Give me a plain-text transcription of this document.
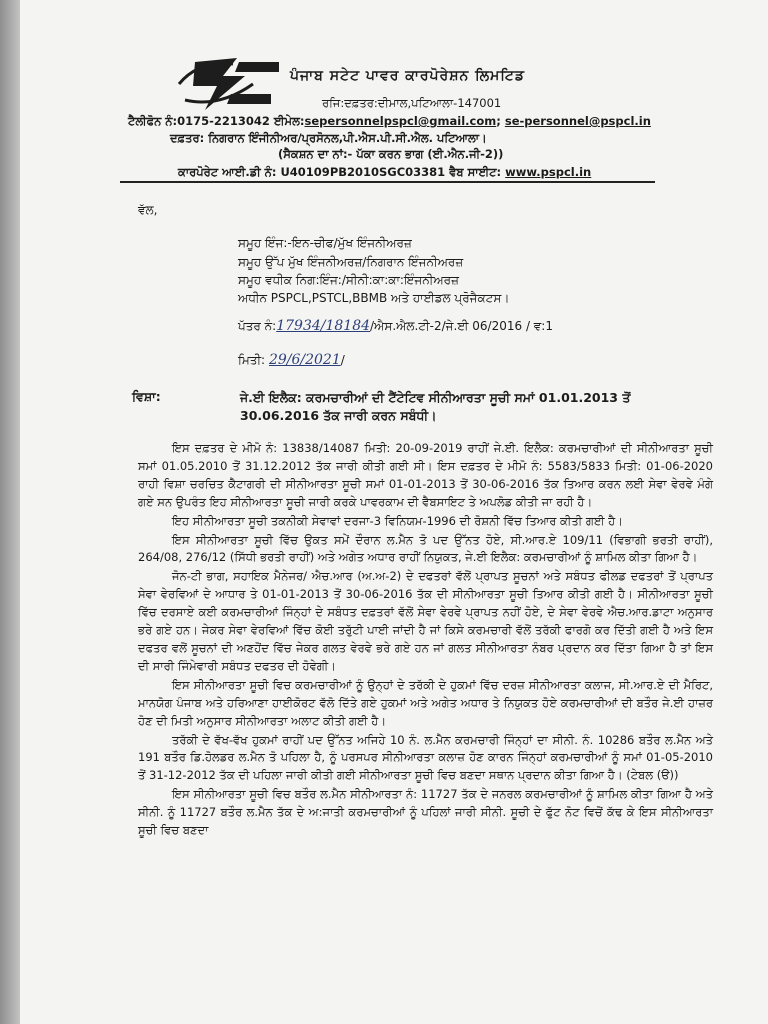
ਪੰਜਾਬ ਸਟੇਟ ਪਾਵਰ ਕਾਰਪੋਰੇਸ਼ਨ ਲਿਮਟਿਡ
ਰਜਿ:ਦਫ਼ਤਰ:ਦੀਮਾਲ,ਪਟਿਆਲਾ-147001
ਟੈਲੀਫੋਨ ਨੰ:0175-2213042 ਈਮੇਲ:sepersonnelpspcl@gmail.com; se-personnel@pspcl.in
ਦਫ਼ਤਰ: ਨਿਗਰਾਨ ਇੰਜੀਨੀਅਰ/ਪ੍ਰਸੋਨਲ,ਪੀ.ਐਸ.ਪੀ.ਸੀ.ਐਲ. ਪਟਿਆਲਾ।
(ਸੈਕਸ਼ਨ ਦਾ ਨਾਂ:- ਪੱਕਾ ਕਰਨ ਭਾਗ (ਈ.ਐਨ.ਜੀ-2))
ਕਾਰਪੋਰੇਟ ਆਈ.ਡੀ ਨੰ: U40109PB2010SGC03381 ਵੈਬ ਸਾਈਟ: www.pspcl.in
ਵੱਲ,
ਸਮੂਹ ਇੰਜ:-ਇਨ-ਚੀਫ/ਮੁੱਖ ਇੰਜਨੀਅਰਜ਼
ਸਮੂਹ ਉੱਪ ਮੁੱਖ ਇੰਜਨੀਅਰਜ਼/ਨਿਗਰਾਨ ਇੰਜਨੀਅਰਜ਼
ਸਮੂਹ ਵਧੀਕ ਨਿਗ:ਇੰਜ:/ਸੀਨੀ:ਕਾ:ਕਾ:ਇੰਜਨੀਅਰਜ਼
ਅਧੀਨ PSPCL,PSTCL,BBMB ਅਤੇ ਹਾਈਡਲ ਪ੍ਰੋਜੈਕਟਸ।
ਪੱਤਰ ਨੰ:17934/18184/ਐਸ.ਐਲ.ਟੀ-2/ਜੇ.ਈ 06/2016 / ਵ:1
ਮਿਤੀ: 29/6/2021/
ਵਿਸ਼ਾ:	ਜੇ.ਈ ਇਲੈਕ: ਕਰਮਚਾਰੀਆਂ ਦੀ ਟੈਂਟੇਟਿਵ ਸੀਨੀਆਰਤਾ ਸੂਚੀ ਸਮਾਂ 01.01.2013 ਤੋਂ 30.06.2016 ਤੱਕ ਜਾਰੀ ਕਰਨ ਸਬੰਧੀ।

ਇਸ ਦਫ਼ਤਰ ਦੇ ਮੀਮੋ ਨੰ: 13838/14087 ਮਿਤੀ: 20-09-2019 ਰਾਹੀਂ ਜੇ.ਈ. ਇਲੈਕ: ਕਰਮਚਾਰੀਆਂ ਦੀ ਸੀਨੀਆਰਤਾ ਸੂਚੀ ਸਮਾਂ 01.05.2010 ਤੋਂ 31.12.2012 ਤੱਕ ਜਾਰੀ ਕੀਤੀ ਗਈ ਸੀ। ਇਸ ਦਫ਼ਤਰ ਦੇ ਮੀਮੋ ਨੰ: 5583/5833 ਮਿਤੀ: 01-06-2020 ਰਾਹੀ ਵਿਸ਼ਾ ਚਰਚਿਤ ਕੈਟਾਗਰੀ ਦੀ ਸੀਨੀਆਰਤਾ ਸੂਚੀ ਸਮਾਂ 01-01-2013 ਤੋਂ 30-06-2016 ਤੱਕ ਤਿਆਰ ਕਰਨ ਲਈ ਸੇਵਾ ਵੇਰਵੇ ਮੰਗੇ ਗਏ ਸਨ ਉਪਰੰਤ ਇਹ ਸੀਨੀਆਰਤਾ ਸੂਚੀ ਜਾਰੀ ਕਰਕੇ ਪਾਵਰਕਾਮ ਦੀ ਵੈਬਸਾਇਟ ਤੇ ਅਪਲੋਡ ਕੀਤੀ ਜਾ ਰਹੀ ਹੈ।

ਇਹ ਸੀਨੀਆਰਤਾ ਸੂਚੀ ਤਕਨੀਕੀ ਸੇਵਾਵਾਂ ਦਰਜਾ-3 ਵਿਨਿਯਮ-1996 ਦੀ ਰੋਸ਼ਨੀ ਵਿੱਚ ਤਿਆਰ ਕੀਤੀ ਗਈ ਹੈ।

ਇਸ ਸੀਨੀਆਰਤਾ ਸੂਚੀ ਵਿੱਚ ਉਕਤ ਸਮੇਂ ਦੌਰਾਨ ਲ.ਮੈਨ ਤੋ ਪਦ ਉੱਨਤ ਹੋਏ, ਸੀ.ਆਰ.ਏ 109/11 (ਵਿਭਾਗੀ ਭਰਤੀ ਰਾਹੀਂ), 264/08, 276/12 (ਸਿੱਧੀ ਭਰਤੀ ਰਾਹੀਂ) ਅਤੇ ਅਗੇਤ ਅਧਾਰ ਰਾਹੀਂ ਨਿਯੁਕਤ, ਜੇ.ਈ ਇਲੈਕ: ਕਰਮਚਾਰੀਆਂ ਨੂੰ ਸ਼ਾਮਿਲ ਕੀਤਾ ਗਿਆ ਹੈ।

ਜੋਨ-ਟੀ ਭਾਗ, ਸਹਾਇਕ ਮੈਨੇਜਰ/ ਐਚ.ਆਰ (ਅ.ਅ-2) ਦੇ ਦਫਤਰਾਂ ਵੱਲੋਂ ਪ੍ਰਾਪਤ ਸੂਚਨਾਂ ਅਤੇ ਸਬੰਧਤ ਫੀਲਡ ਦਫਤਰਾਂ ਤੋਂ ਪ੍ਰਾਪਤ ਸੇਵਾ ਵੇਰਵਿਆਂ ਦੇ ਆਧਾਰ ਤੇ 01-01-2013 ਤੋਂ 30-06-2016 ਤੱਕ ਦੀ ਸੀਨੀਆਰਤਾ ਸੂਚੀ ਤਿਆਰ ਕੀਤੀ ਗਈ ਹੈ। ਸੀਨੀਆਰਤਾ ਸੂਚੀ ਵਿੱਚ ਦਰਸਾਏ ਕਈ ਕਰਮਚਾਰੀਆਂ ਜਿੰਨ੍ਹਾਂ ਦੇ ਸਬੰਧਤ ਦਫ਼ਤਰਾਂ ਵੱਲੋਂ ਸੇਵਾ ਵੇਰਵੇ ਪ੍ਰਾਪਤ ਨਹੀਂ ਹੋਏ, ਦੇ ਸੇਵਾ ਵੇਰਵੇ ਐਚ.ਆਰ.ਡਾਟਾ ਅਨੁਸਾਰ ਭਰੇ ਗਏ ਹਨ। ਜੇਕਰ ਸੇਵਾ ਵੇਰਵਿਆਂ ਵਿੱਚ ਕੋਈ ਤਰੁੱਟੀ ਪਾਈ ਜਾਂਦੀ ਹੈ ਜਾਂ ਕਿਸੇ ਕਰਮਚਾਰੀ ਵੱਲੋਂ ਤਰੱਕੀ ਫਾਰਗੋ ਕਰ ਦਿੱਤੀ ਗਈ ਹੈ ਅਤੇ ਇਸ ਦਫਤਰ ਵਲੋਂ ਸੂਚਨਾਂ ਦੀ ਅਣਹੋਂਦ ਵਿੱਚ ਜੇਕਰ ਗਲਤ ਵੇਰਵੇ ਭਰੇ ਗਏ ਹਨ ਜਾਂ ਗਲਤ ਸੀਨੀਆਰਤਾ ਨੰਬਰ ਪ੍ਰਦਾਨ ਕਰ ਦਿੱਤਾ ਗਿਆ ਹੈ ਤਾਂ ਇਸ ਦੀ ਸਾਰੀ ਜਿੰਮੇਵਾਰੀ ਸਬੰਧਤ ਦਫਤਰ ਦੀ ਹੋਵੇਗੀ।

ਇਸ ਸੀਨੀਆਰਤਾ ਸੂਚੀ ਵਿਚ ਕਰਮਚਾਰੀਆਂ ਨੂੰ ਉਨ੍ਹਾਂ ਦੇ ਤਰੱਕੀ ਦੇ ਹੁਕਮਾਂ ਵਿੱਚ ਦਰਜ਼ ਸੀਨੀਆਰਤਾ ਕਲਾਜ, ਸੀ.ਆਰ.ਏ ਦੀ ਮੈਰਿਟ, ਮਾਨਯੋਗ ਪੰਜਾਬ ਅਤੇ ਹਰਿਆਣਾ ਹਾਈਕੋਰਟ ਵੱਲੋ ਦਿੱਤੇ ਗਏ ਹੁਕਮਾਂ ਅਤੇ ਅਗੇਤ ਅਧਾਰ ਤੇ ਨਿਯੁਕਤ ਹੋਏ ਕਰਮਚਾਰੀਆਂ ਦੀ ਬਤੌਰ ਜੇ.ਈ ਹਾਜ਼ਰ ਹੋਣ ਦੀ ਮਿਤੀ ਅਨੁਸਾਰ ਸੀਨੀਆਰਤਾ ਅਲਾਟ ਕੀਤੀ ਗਈ ਹੈ।

ਤਰੱਕੀ ਦੇ ਵੱਖ-ਵੱਖ ਹੁਕਮਾਂ ਰਾਹੀਂ ਪਦ ਉੱਨਤ ਅਜਿਹੇ 10 ਨੰ. ਲ.ਮੈਨ ਕਰਮਚਾਰੀ ਜਿੰਨ੍ਹਾਂ ਦਾ ਸੀਨੀ. ਨੰ. 10286 ਬਤੌਰ ਲ.ਮੈਨ ਅਤੇ 191 ਬਤੌਰ ਡਿ.ਹੋਲਡਰ ਲ.ਮੈਨ ਤੋ ਪਹਿਲਾ ਹੈ, ਨੂੰ ਪਰਸਪਰ ਸੀਨੀਆਰਤਾ ਕਲਾਜ਼ ਹੋਣ ਕਾਰਨ ਜਿੰਨ੍ਹਾਂ ਕਰਮਚਾਰੀਆਂ ਨੂੰ ਸਮਾਂ 01-05-2010 ਤੋਂ 31-12-2012 ਤੱਕ ਦੀ ਪਹਿਲਾ ਜਾਰੀ ਕੀਤੀ ਗਈ ਸੀਨੀਆਰਤਾ ਸੂਚੀ ਵਿਚ ਬਣਦਾ ਸਥਾਨ ਪ੍ਰਦਾਨ ਕੀਤਾ ਗਿਆ ਹੈ। (ਟੇਬਲ (ੳ))

ਇਸ ਸੀਨੀਆਰਤਾ ਸੂਚੀ ਵਿਚ ਬਤੌਰ ਲ.ਮੈਨ ਸੀਨੀਆਰਤਾ ਨੰ: 11727 ਤੱਕ ਦੇ ਜਨਰਲ ਕਰਮਚਾਰੀਆਂ ਨੂੰ ਸ਼ਾਮਿਲ ਕੀਤਾ ਗਿਆ ਹੈ ਅਤੇ ਸੀਨੀ. ਨੂੰ 11727 ਬਤੌਰ ਲ.ਮੈਨ ਤੱਕ ਦੇ ਅ:ਜਾਤੀ ਕਰਮਚਾਰੀਆਂ ਨੂੰ ਪਹਿਲਾਂ ਜਾਰੀ ਸੀਨੀ. ਸੂਚੀ ਦੇ ਫੁੱਟ ਨੋਟ ਵਿਚੋਂ ਕੱਢ ਕੇ ਇਸ ਸੀਨੀਆਰਤਾ ਸੂਚੀ ਵਿਚ ਬਣਦਾ
